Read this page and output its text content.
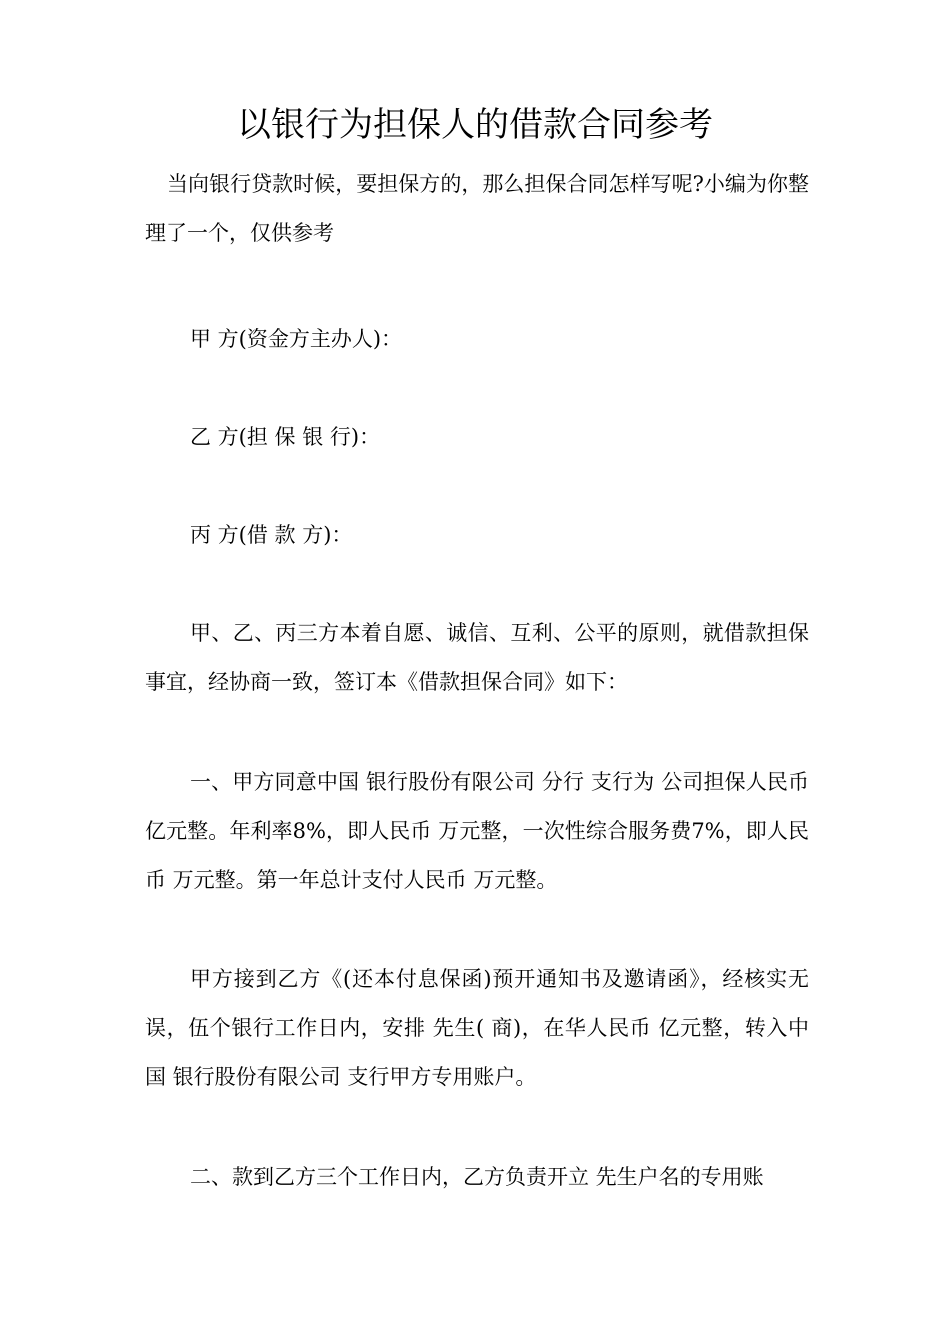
以银行为担保人的借款合同参考

当向银行贷款时候，要担保方的，那么担保合同怎样写呢?小编为你整理了一个，仅供参考

甲 方(资金方主办人)：

乙 方(担 保 银 行)：

丙 方(借 款 方)：

甲、乙、丙三方本着自愿、诚信、互利、公平的原则，就借款担保事宜，经协商一致，签订本《借款担保合同》如下：

一、甲方同意中国 银行股份有限公司 分行 支行为 公司担保人民币 亿元整。年利率8%，即人民币 万元整，一次性综合服务费7%，即人民币 万元整。第一年总计支付人民币 万元整。

甲方接到乙方《(还本付息保函)预开通知书及邀请函》，经核实无误，伍个银行工作日内，安排 先生( 商)，在华人民币 亿元整，转入中国 银行股份有限公司 支行甲方专用账户。

二、款到乙方三个工作日内，乙方负责开立 先生户名的专用账
